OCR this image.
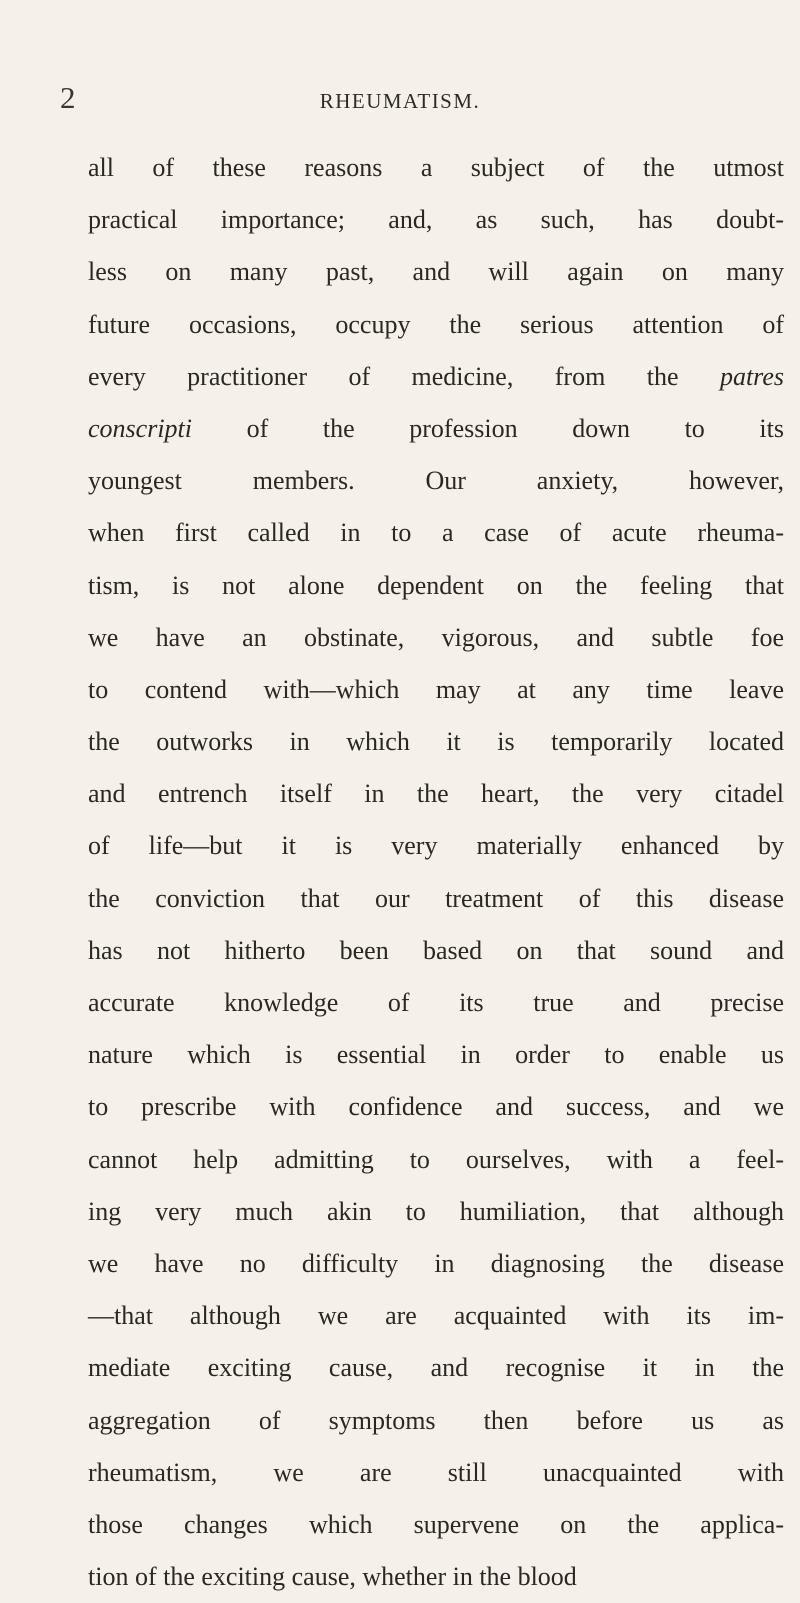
2	RHEUMATISM.
all of these reasons a subject of the utmost
practical importance; and, as such, has doubt-
less on many past, and will again on many
future occasions, occupy the serious attention of
every practitioner of medicine, from the patres
conscripti of the profession down to its
youngest members. Our anxiety, however,
when first called in to a case of acute rheuma-
tism, is not alone dependent on the feeling that
we have an obstinate, vigorous, and subtle foe
to contend with—which may at any time leave
the outworks in which it is temporarily located
and entrench itself in the heart, the very citadel
of life—but it is very materially enhanced by
the conviction that our treatment of this disease
has not hitherto been based on that sound and
accurate knowledge of its true and precise
nature which is essential in order to enable us
to prescribe with confidence and success, and we
cannot help admitting to ourselves, with a feel-
ing very much akin to humiliation, that although
we have no difficulty in diagnosing the disease
—that although we are acquainted with its im-
mediate exciting cause, and recognise it in the
aggregation of symptoms then before us as
rheumatism, we are still unacquainted with
those changes which supervene on the applica-
tion of the exciting cause, whether in the blood
